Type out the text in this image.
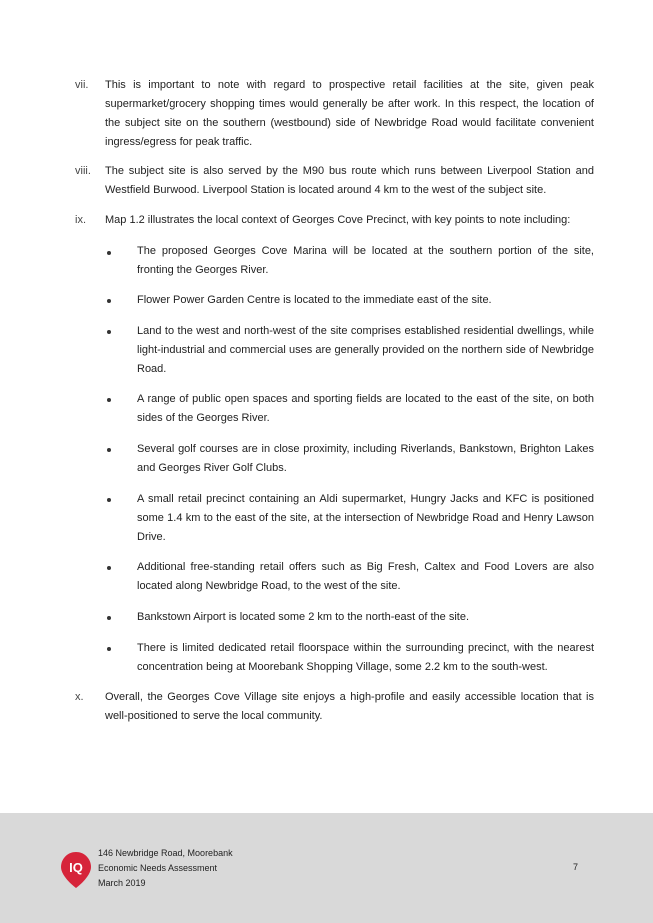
vii. This is important to note with regard to prospective retail facilities at the site, given peak supermarket/grocery shopping times would generally be after work. In this respect, the location of the subject site on the southern (westbound) side of Newbridge Road would facilitate convenient ingress/egress for peak traffic.
viii. The subject site is also served by the M90 bus route which runs between Liverpool Station and Westfield Burwood. Liverpool Station is located around 4 km to the west of the subject site.
ix. Map 1.2 illustrates the local context of Georges Cove Precinct, with key points to note including:
The proposed Georges Cove Marina will be located at the southern portion of the site, fronting the Georges River.
Flower Power Garden Centre is located to the immediate east of the site.
Land to the west and north-west of the site comprises established residential dwellings, while light-industrial and commercial uses are generally provided on the northern side of Newbridge Road.
A range of public open spaces and sporting fields are located to the east of the site, on both sides of the Georges River.
Several golf courses are in close proximity, including Riverlands, Bankstown, Brighton Lakes and Georges River Golf Clubs.
A small retail precinct containing an Aldi supermarket, Hungry Jacks and KFC is positioned some 1.4 km to the east of the site, at the intersection of Newbridge Road and Henry Lawson Drive.
Additional free-standing retail offers such as Big Fresh, Caltex and Food Lovers are also located along Newbridge Road, to the west of the site.
Bankstown Airport is located some 2 km to the north-east of the site.
There is limited dedicated retail floorspace within the surrounding precinct, with the nearest concentration being at Moorebank Shopping Village, some 2.2 km to the south-west.
x. Overall, the Georges Cove Village site enjoys a high-profile and easily accessible location that is well-positioned to serve the local community.
IQ
146 Newbridge Road, Moorebank
Economic Needs Assessment
March 2019
7
